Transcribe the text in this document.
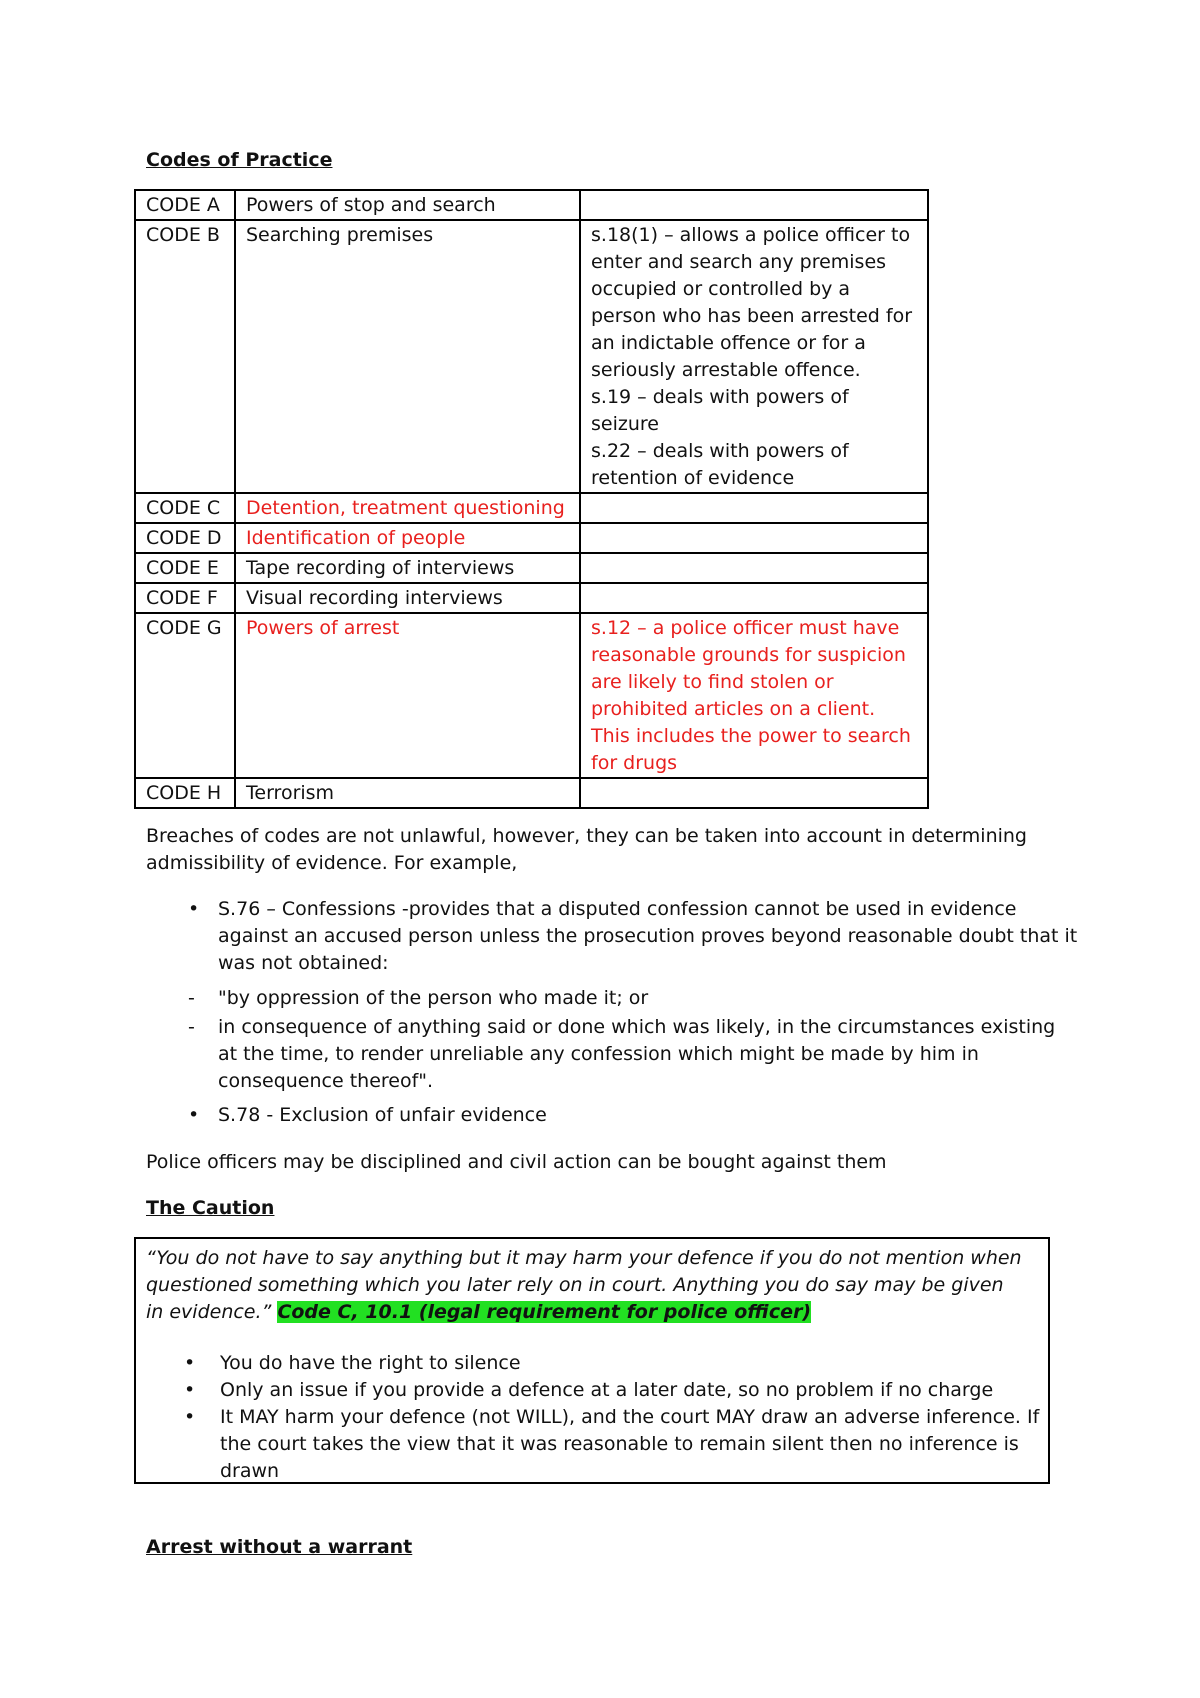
Codes of Practice
CODE A	Powers of stop and search	
CODE B	Searching premises	s.18(1) – allows a police officer to enter and search any premises occupied or controlled by a person who has been arrested for an indictable offence or for a seriously arrestable offence.
s.19 – deals with powers of seizure
s.22 – deals with powers of retention of evidence

CODE C	Detention, treatment questioning	
CODE D	Identification of people	
CODE E	Tape recording of interviews	
CODE F	Visual recording interviews	
CODE G	Powers of arrest	s.12 – a police officer must have reasonable grounds for suspicion are likely to find stolen or prohibited articles on a client. This includes the power to search for drugs

CODE H	Terrorism	
Breaches of codes are not unlawful, however, they can be taken into account in determining admissibility of evidence. For example,
• S.76 – Confessions -provides that a disputed confession cannot be used in evidence against an accused person unless the prosecution proves beyond reasonable doubt that it was not obtained:
- "by oppression of the person who made it; or
- in consequence of anything said or done which was likely, in the circumstances existing at the time, to render unreliable any confession which might be made by him in consequence thereof".
• S.78 - Exclusion of unfair evidence
Police officers may be disciplined and civil action can be bought against them
The Caution
“You do not have to say anything but it may harm your defence if you do not mention when questioned something which you later rely on in court. Anything you do say may be given in evidence.” Code C, 10.1 (legal requirement for police officer)
• You do have the right to silence
• Only an issue if you provide a defence at a later date, so no problem if no charge
• It MAY harm your defence (not WILL), and the court MAY draw an adverse inference. If the court takes the view that it was reasonable to remain silent then no inference is drawn
Arrest without a warrant
